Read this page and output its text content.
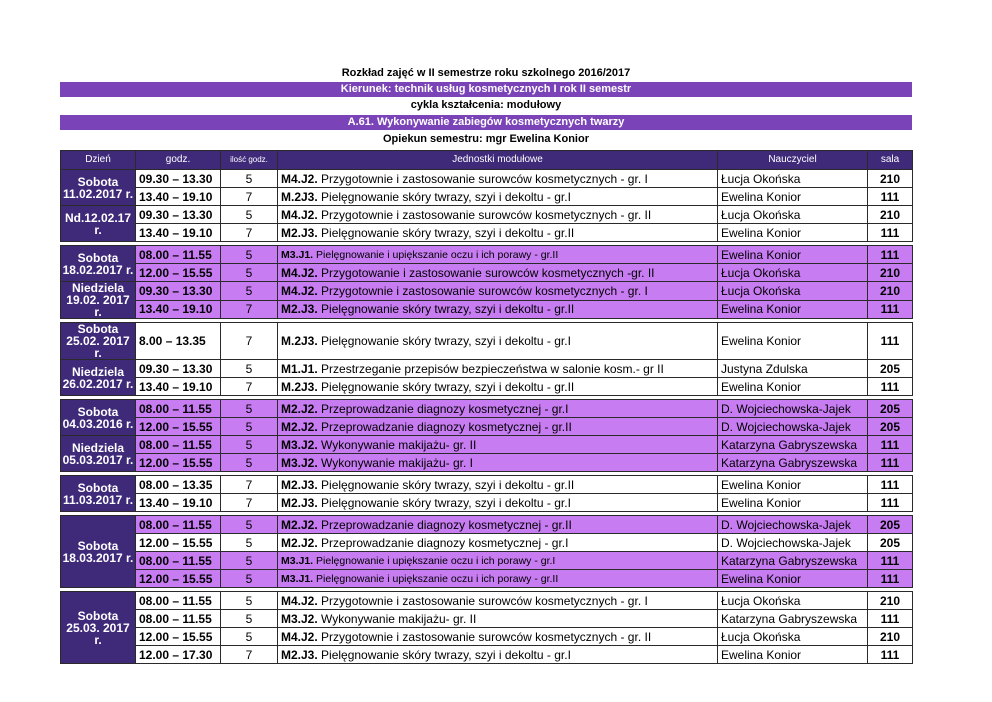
Rozkład zajęć w II semestrze roku szkolnego 2016/2017
Kierunek: technik usług kosmetycznych I rok II semestr
cykla kształcenia: modułowy
A.61. Wykonywanie zabiegów kosmetycznych twarzy
Opiekun semestru: mgr Ewelina Konior
Dzień	godz.	ilość godz.	Jednostki modułowe	Nauczyciel	sala
Sobota 11.02.2017 r.	09.30 – 13.30	5	M4.J2. Przygotownie i zastosowanie surowców kosmetycznych - gr. I	Łucja Okońska	210
	13.40 – 19.10	7	M.2J3. Pielęgnowanie skóry twrazy, szyi i dekoltu - gr.I	Ewelina Konior	111
Nd.12.02.17 r.	09.30 – 13.30	5	M4.J2. Przygotownie i zastosowanie surowców kosmetycznych - gr. II	Łucja Okońska	210
	13.40 – 19.10	7	M2.J3. Pielęgnowanie skóry twrazy, szyi i dekoltu - gr.II	Ewelina Konior	111

Sobota 18.02.2017 r.	08.00 – 11.55	5	M3.J1. Pielęgnowanie i upiększanie oczu i ich porawy - gr.II	Ewelina Konior	111
	12.00 – 15.55	5	M4.J2. Przygotowanie i zastosowanie surowców kosmetycznych -gr. II	Łucja Okońska	210
Niedziela 19.02. 2017 r.	09.30 – 13.30	5	M4.J2. Przygotownie i zastosowanie surowców kosmetycznych - gr. I	Łucja Okońska	210
	13.40 – 19.10	7	M2.J3. Pielęgnowanie skóry twrazy, szyi i dekoltu - gr.II	Ewelina Konior	111

Sobota 25.02. 2017 r.	8.00 – 13.35	7	M.2J3. Pielęgnowanie skóry twrazy, szyi i dekoltu - gr.I	Ewelina Konior	111
Niedziela 26.02.2017 r.	09.30 – 13.30	5	M1.J1. Przestrzeganie przepisów bezpieczeństwa w salonie kosm.- gr II	Justyna Zdulska	205
	13.40 – 19.10	7	M.2J3. Pielęgnowanie skóry twrazy, szyi i dekoltu - gr.II	Ewelina Konior	111

Sobota 04.03.2016 r.	08.00 – 11.55	5	M2.J2. Przeprowadzanie diagnozy kosmetycznej - gr.I	D. Wojciechowska-Jajek	205
	12.00 – 15.55	5	M2.J2. Przeprowadzanie diagnozy kosmetycznej - gr.II	D. Wojciechowska-Jajek	205
Niedziela 05.03.2017 r.	08.00 – 11.55	5	M3.J2. Wykonywanie makijażu- gr. II	Katarzyna Gabryszewska	111
	12.00 – 15.55	5	M3.J2. Wykonywanie makijażu- gr. I	Katarzyna Gabryszewska	111

Sobota 11.03.2017 r.	08.00 – 13.35	7	M2.J3. Pielęgnowanie skóry twrazy, szyi i dekoltu - gr.II	Ewelina Konior	111
	13.40 – 19.10	7	M2.J3. Pielęgnowanie skóry twrazy, szyi i dekoltu - gr.I	Ewelina Konior	111

Sobota 18.03.2017 r.	08.00 – 11.55	5	M2.J2. Przeprowadzanie diagnozy kosmetycznej - gr.II	D. Wojciechowska-Jajek	205
	12.00 – 15.55	5	M2.J2. Przeprowadzanie diagnozy kosmetycznej - gr.I	D. Wojciechowska-Jajek	205
	08.00 – 11.55	5	M3.J1. Pielęgnowanie i upiększanie oczu i ich porawy - gr.I	Katarzyna Gabryszewska	111
	12.00 – 15.55	5	M3.J1. Pielęgnowanie i upiększanie oczu i ich porawy - gr.II	Ewelina Konior	111

Sobota 25.03. 2017 r.	08.00 – 11.55	5	M4.J2. Przygotownie i zastosowanie surowców kosmetycznych - gr. I	Łucja Okońska	210
	08.00 – 11.55	5	M3.J2. Wykonywanie makijażu- gr. II	Katarzyna Gabryszewska	111
	12.00 – 15.55	5	M4.J2. Przygotownie i zastosowanie surowców kosmetycznych - gr. II	Łucja Okońska	210
	12.00 – 17.30	7	M2.J3. Pielęgnowanie skóry twrazy, szyi i dekoltu - gr.I	Ewelina Konior	111
